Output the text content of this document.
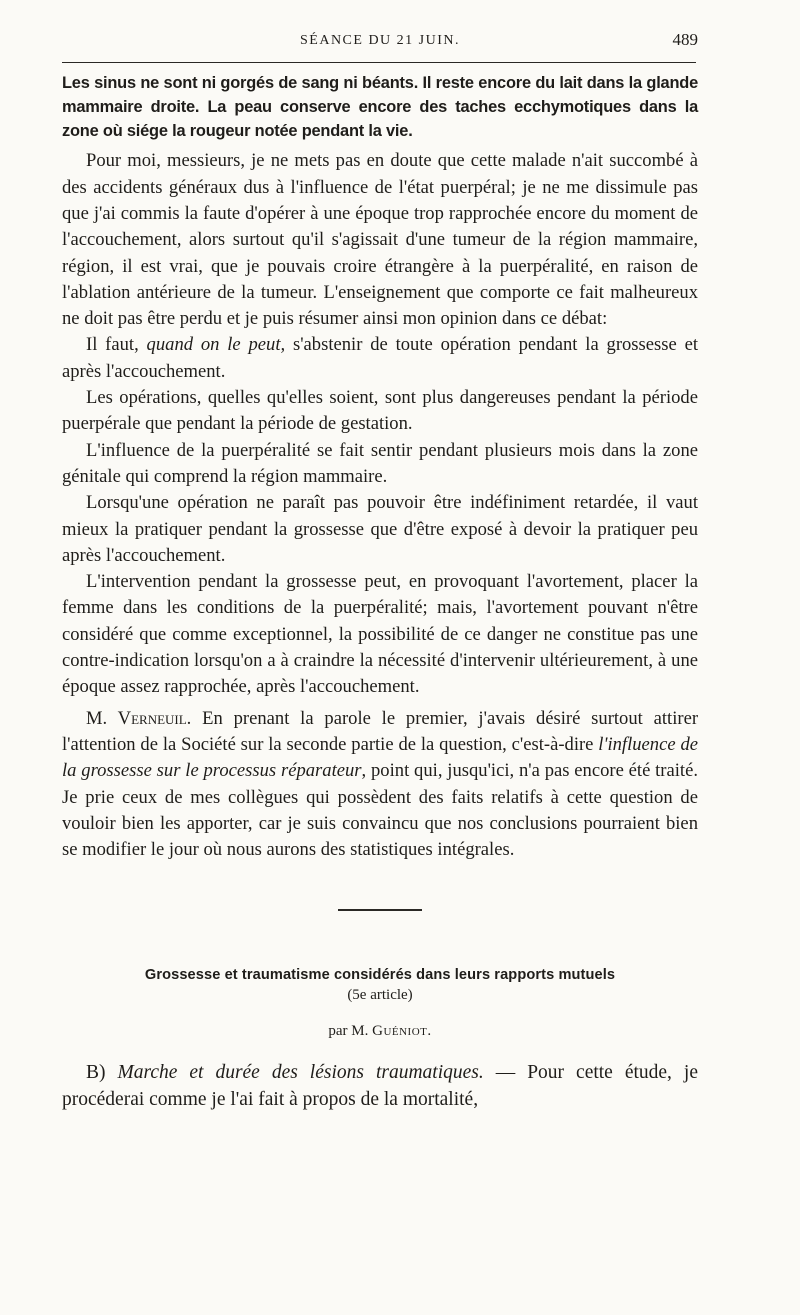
SÉANCE DU 21 JUIN.	489

Les sinus ne sont ni gorgés de sang ni béants. Il reste encore du lait dans la glande mammaire droite. La peau conserve encore des taches ecchymotiques dans la zone où siége la rougeur notée pendant la vie.

Pour moi, messieurs, je ne mets pas en doute que cette malade n'ait succombé à des accidents généraux dus à l'influence de l'état puerpéral; je ne me dissimule pas que j'ai commis la faute d'opérer à une époque trop rapprochée encore du moment de l'accouchement, alors surtout qu'il s'agissait d'une tumeur de la région mammaire, région, il est vrai, que je pouvais croire étrangère à la puerpéralité, en raison de l'ablation antérieure de la tumeur. L'enseignement que comporte ce fait malheureux ne doit pas être perdu et je puis résumer ainsi mon opinion dans ce débat:

Il faut, quand on le peut, s'abstenir de toute opération pendant la grossesse et après l'accouchement.

Les opérations, quelles qu'elles soient, sont plus dangereuses pendant la période puerpérale que pendant la période de gestation.

L'influence de la puerpéralité se fait sentir pendant plusieurs mois dans la zone génitale qui comprend la région mammaire.

Lorsqu'une opération ne paraît pas pouvoir être indéfiniment retardée, il vaut mieux la pratiquer pendant la grossesse que d'être exposé à devoir la pratiquer peu après l'accouchement.

L'intervention pendant la grossesse peut, en provoquant l'avortement, placer la femme dans les conditions de la puerpéralité; mais, l'avortement pouvant n'être considéré que comme exceptionnel, la possibilité de ce danger ne constitue pas une contre-indication lorsqu'on a à craindre la nécessité d'intervenir ultérieurement, à une époque assez rapprochée, après l'accouchement.

M. Verneuil. En prenant la parole le premier, j'avais désiré surtout attirer l'attention de la Société sur la seconde partie de la question, c'est-à-dire l'influence de la grossesse sur le processus réparateur, point qui, jusqu'ici, n'a pas encore été traité. Je prie ceux de mes collègues qui possèdent des faits relatifs à cette question de vouloir bien les apporter, car je suis convaincu que nos conclusions pourraient bien se modifier le jour où nous aurons des statistiques intégrales.

Grossesse et traumatisme considérés dans leurs rapports mutuels
(5e article)
par M. Guéniot.

B) Marche et durée des lésions traumatiques. — Pour cette étude, je procéderai comme je l'ai fait à propos de la mortalité,
